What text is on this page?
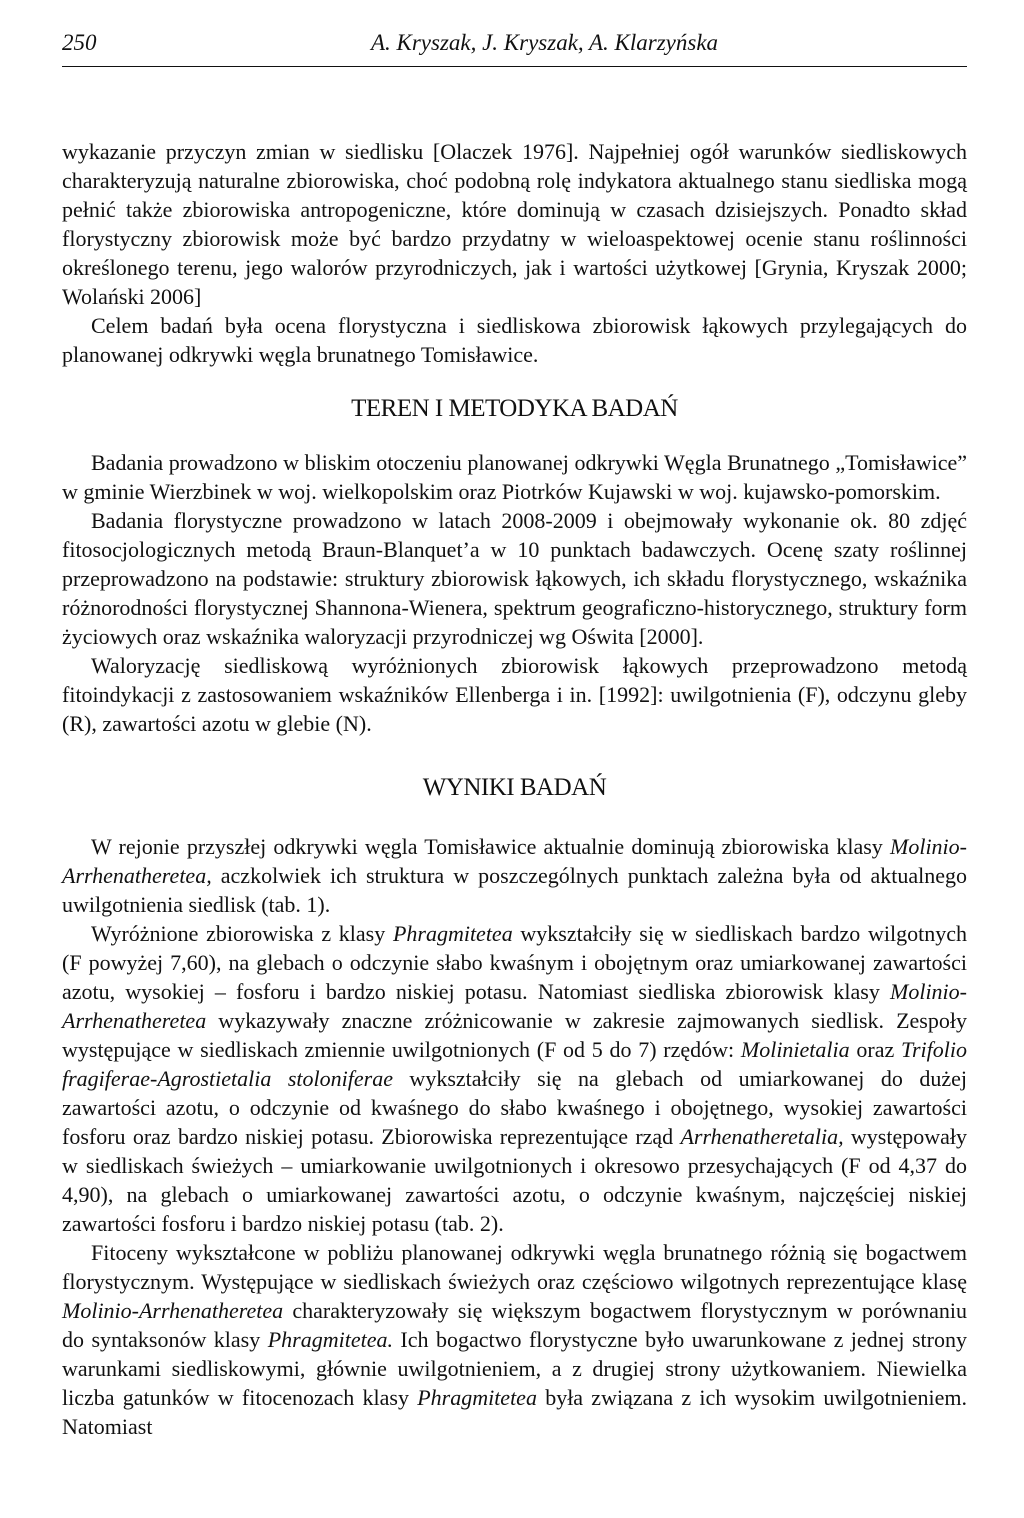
250	A. Kryszak, J. Kryszak, A. Klarzyńska

wykazanie przyczyn zmian w siedlisku [Olaczek 1976]. Najpełniej ogół warunków siedliskowych charakteryzują naturalne zbiorowiska, choć podobną rolę indykatora aktualnego stanu siedliska mogą pełnić także zbiorowiska antropogeniczne, które dominują w czasach dzisiejszych. Ponadto skład florystyczny zbiorowisk może być bardzo przydatny w wieloaspektowej ocenie stanu roślinności określonego terenu, jego walorów przyrodniczych, jak i wartości użytkowej [Grynia, Kryszak 2000; Wolański 2006]

Celem badań była ocena florystyczna i siedliskowa zbiorowisk łąkowych przylegających do planowanej odkrywki węgla brunatnego Tomisławice.

TEREN I METODYKA BADAŃ

Badania prowadzono w bliskim otoczeniu planowanej odkrywki Węgla Brunatnego „Tomisławice” w gminie Wierzbinek w woj. wielkopolskim oraz Piotrków Kujawski w woj. kujawsko-pomorskim.

Badania florystyczne prowadzono w latach 2008-2009 i obejmowały wykonanie ok. 80 zdjęć fitosocjologicznych metodą Braun-Blanquet’a w 10 punktach badawczych. Ocenę szaty roślinnej przeprowadzono na podstawie: struktury zbiorowisk łąkowych, ich składu florystycznego, wskaźnika różnorodności florystycznej Shannona-Wienera, spektrum geograficzno-historycznego, struktury form życiowych oraz wskaźnika waloryzacji przyrodniczej wg Oświta [2000].

Waloryzację siedliskową wyróżnionych zbiorowisk łąkowych przeprowadzono metodą fitoindykacji z zastosowaniem wskaźników Ellenberga i in. [1992]: uwilgotnienia (F), odczynu gleby (R), zawartości azotu w glebie (N).

WYNIKI BADAŃ

W rejonie przyszłej odkrywki węgla Tomisławice aktualnie dominują zbiorowiska klasy Molinio-Arrhenatheretea, aczkolwiek ich struktura w poszczególnych punktach zależna była od aktualnego uwilgotnienia siedlisk (tab. 1).

Wyróżnione zbiorowiska z klasy Phragmitetea wykształciły się w siedliskach bardzo wilgotnych (F powyżej 7,60), na glebach o odczynie słabo kwaśnym i obojętnym oraz umiarkowanej zawartości azotu, wysokiej – fosforu i bardzo niskiej potasu. Natomiast siedliska zbiorowisk klasy Molinio-Arrhenatheretea wykazywały znaczne zróżnicowanie w zakresie zajmowanych siedlisk. Zespoły występujące w siedliskach zmiennie uwilgotnionych (F od 5 do 7) rzędów: Molinietalia oraz Trifolio fragiferae-Agrostietalia stoloniferae wykształciły się na glebach od umiarkowanej do dużej zawartości azotu, o odczynie od kwaśnego do słabo kwaśnego i obojętnego, wysokiej zawartości fosforu oraz bardzo niskiej potasu. Zbiorowiska reprezentujące rząd Arrhenatheretalia, występowały w siedliskach świeżych – umiarkowanie uwilgotnionych i okresowo przesychających (F od 4,37 do 4,90), na glebach o umiarkowanej zawartości azotu, o odczynie kwaśnym, najczęściej niskiej zawartości fosforu i bardzo niskiej potasu (tab. 2).

Fitoceny wykształcone w pobliżu planowanej odkrywki węgla brunatnego różnią się bogactwem florystycznym. Występujące w siedliskach świeżych oraz częściowo wilgotnych reprezentujące klasę Molinio-Arrhenatheretea charakteryzowały się większym bogactwem florystycznym w porównaniu do syntaksonów klasy Phragmitetea. Ich bogactwo florystyczne było uwarunkowane z jednej strony warunkami siedliskowymi, głównie uwilgotnieniem, a z drugiej strony użytkowaniem. Niewielka liczba gatunków w fitocenozach klasy Phragmitetea była związana z ich wysokim uwilgotnieniem. Natomiast
